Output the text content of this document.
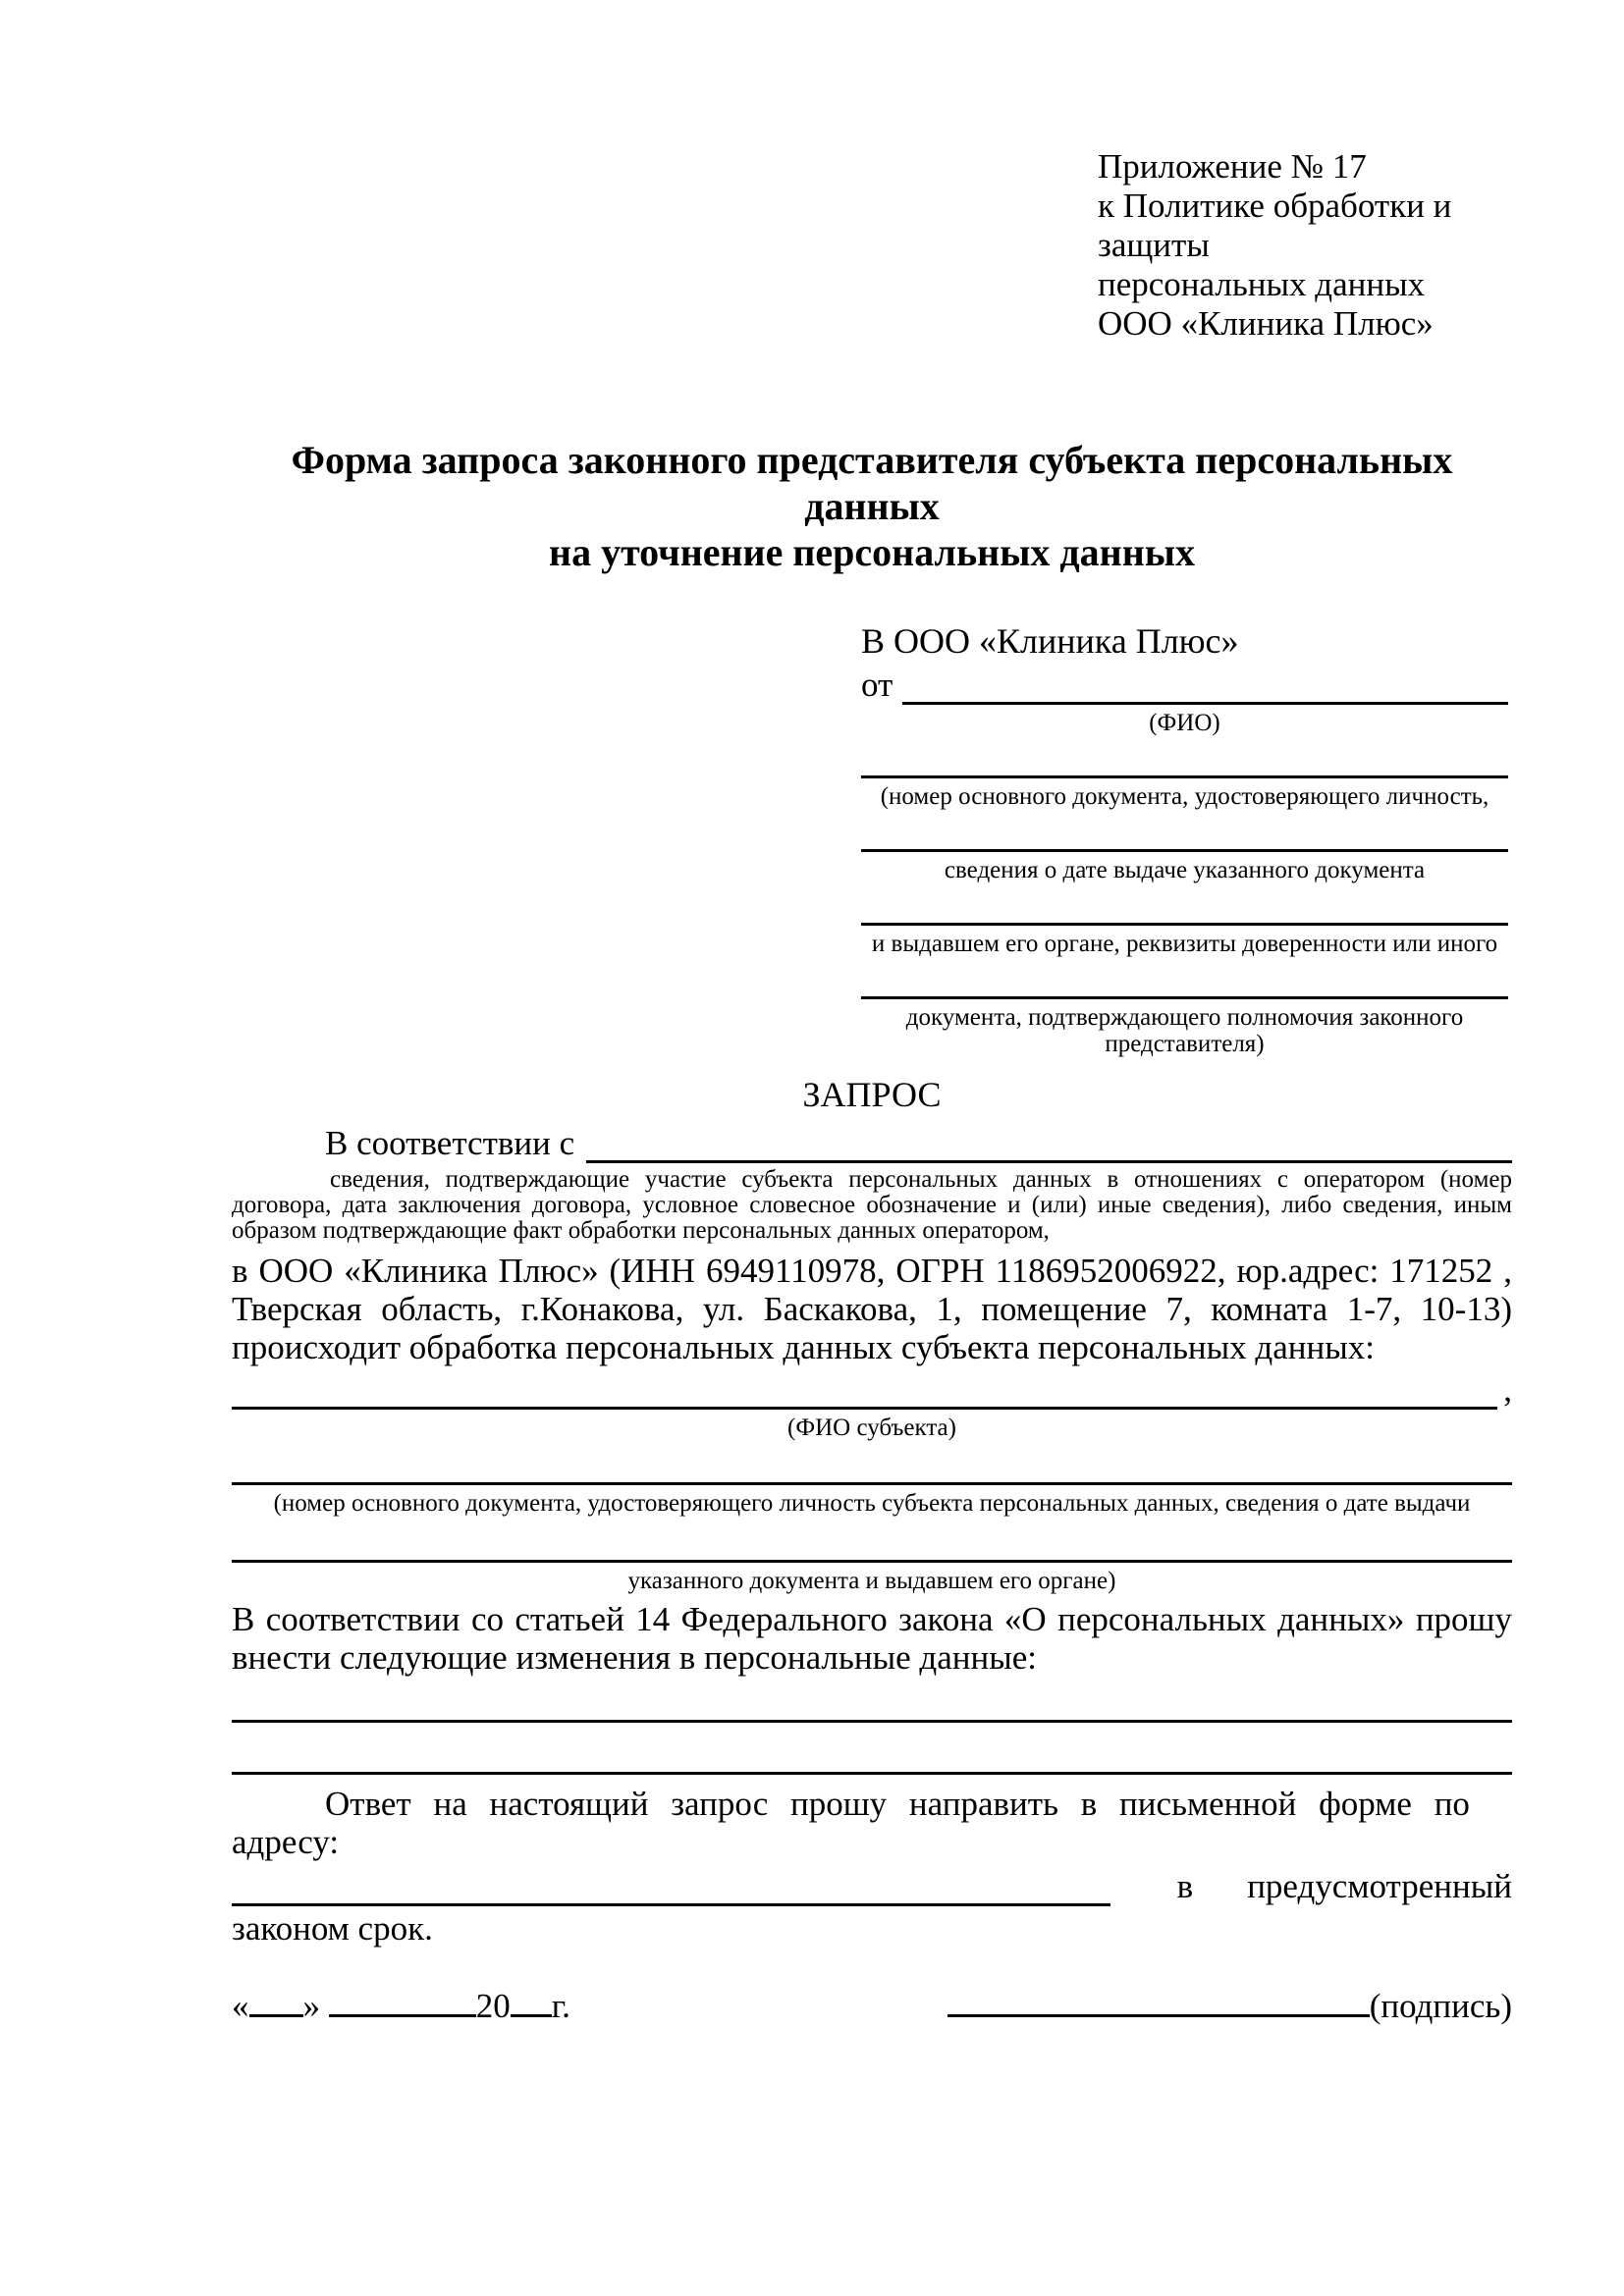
Приложение № 17
к Политике обработки и защиты
персональных данных
ООО «Клиника Плюс»
Форма запроса законного представителя субъекта персональных данных
на уточнение персональных данных
В ООО «Клиника Плюс»
от
(ФИО)
(номер основного документа, удостоверяющего личность,
сведения о дате выдаче указанного документа
и выдавшем его органе, реквизиты доверенности или иного
документа, подтверждающего полномочия законного представителя)
ЗАПРОС
В соответствии с
сведения, подтверждающие участие субъекта персональных данных в отношениях с оператором (номер договора, дата заключения договора, условное словесное обозначение и (или) иные сведения), либо сведения, иным образом подтверждающие факт обработки персональных данных оператором,
в ООО «Клиника Плюс» (ИНН 6949110978, ОГРН 1186952006922, юр.адрес: 171252 , Тверская область, г.Конакова, ул. Баскакова, 1, помещение 7, комната 1-7, 10-13) происходит обработка персональных данных субъекта персональных данных:
,
(ФИО субъекта)
(номер основного документа, удостоверяющего личность субъекта персональных данных, сведения о дате выдачи
указанного документа и выдавшем его органе)
В соответствии со статьей 14 Федерального закона «О персональных данных» прошу внести следующие изменения в персональные данные:
Ответ на настоящий запрос прошу направить в письменной форме по адресу:
в предусмотренный
законом срок.
« »	20 г.	(подпись)
